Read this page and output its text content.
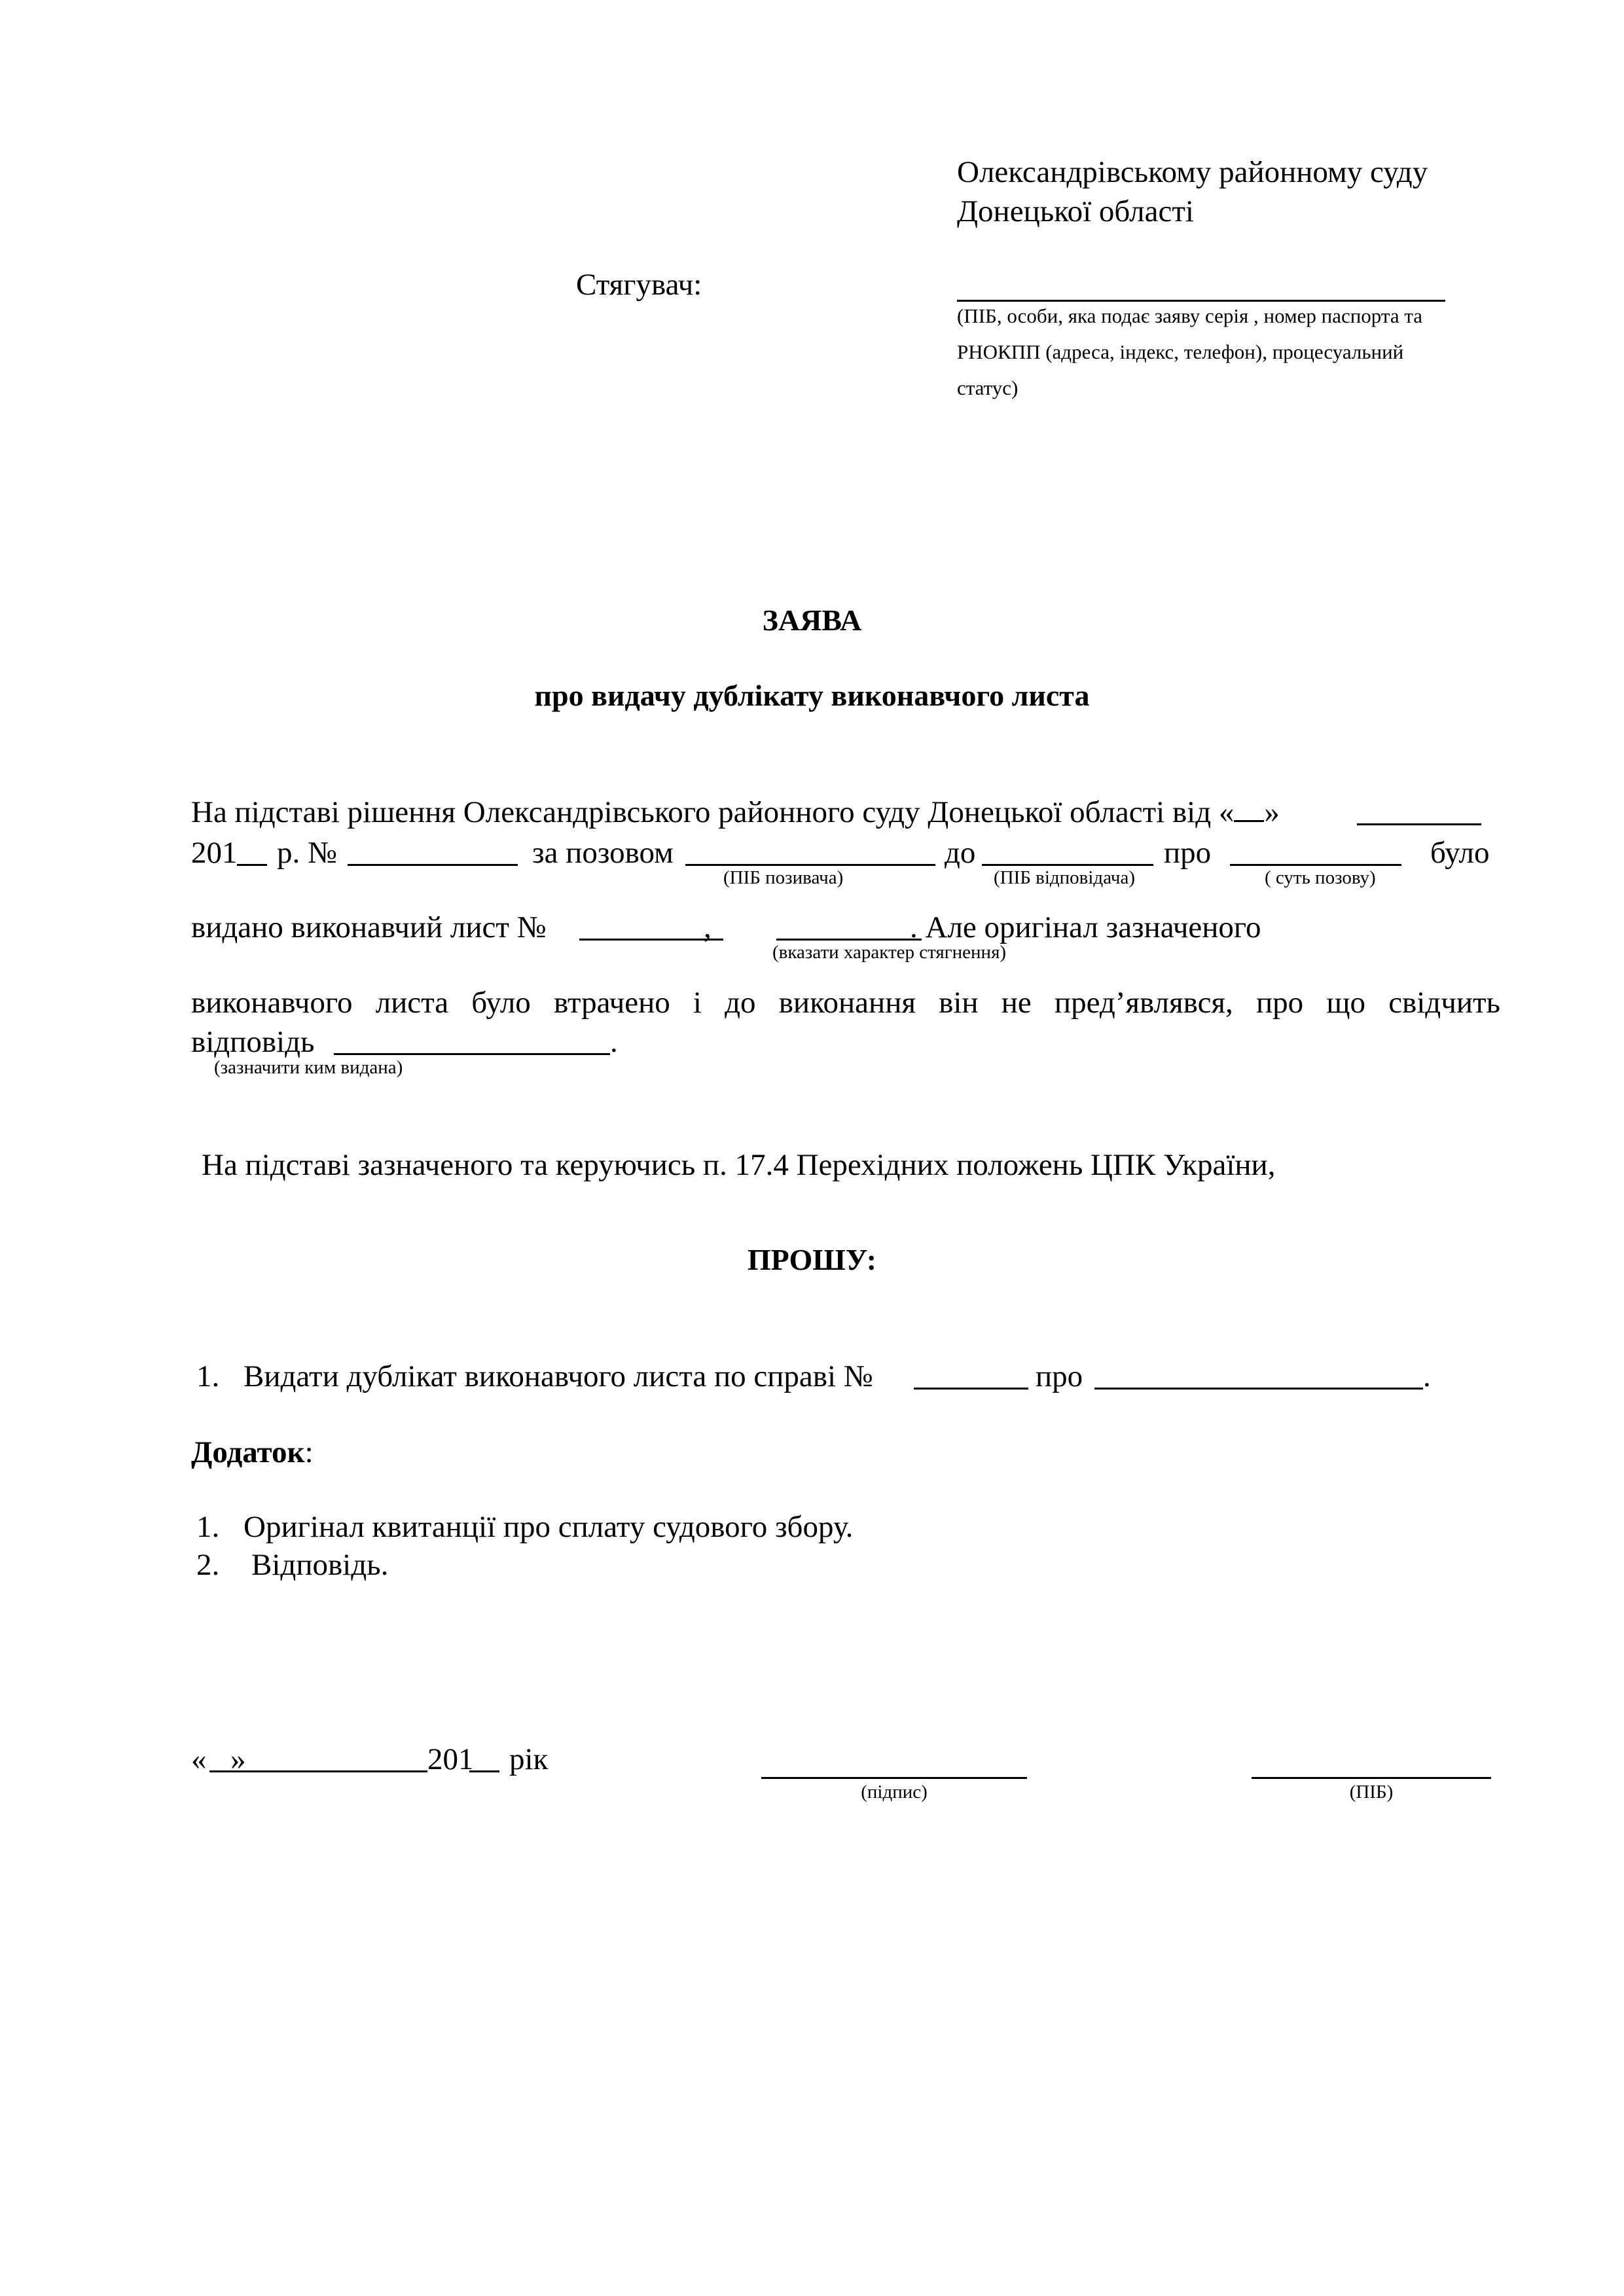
Олександрівському районному суду
Донецької області
Стягувач:
(ПІБ, особи, яка подає заяву серія , номер паспорта та
РНОКПП (адреса, індекс, телефон), процесуальний
статус)
ЗАЯВА
про видачу дублікату виконавчого листа
На підставі рішення Олександрівського районного суду Донецької області від « »
201 р. №	за позовом
(ПІБ позивача)
до
(ПІБ відповідача)
про
( суть позову)
було
видано виконавчий лист №	,
(вказати характер стягнення)
. Але оригінал зазначеного
виконавчого листа було втрачено і до виконання він не пред’являвся, про що свідчить
відповідь	.
(зазначити ким видана)
На підставі зазначеного та керуючись п. 17.4 Перехідних положень ЦПК України,
ПРОШУ:
1. Видати дублікат виконавчого листа по справі №	про	.
Додаток:
1. Оригінал квитанції про сплату судового збору.
2. Відповідь.
« »	201 рік
(підпис)	(ПІБ)
